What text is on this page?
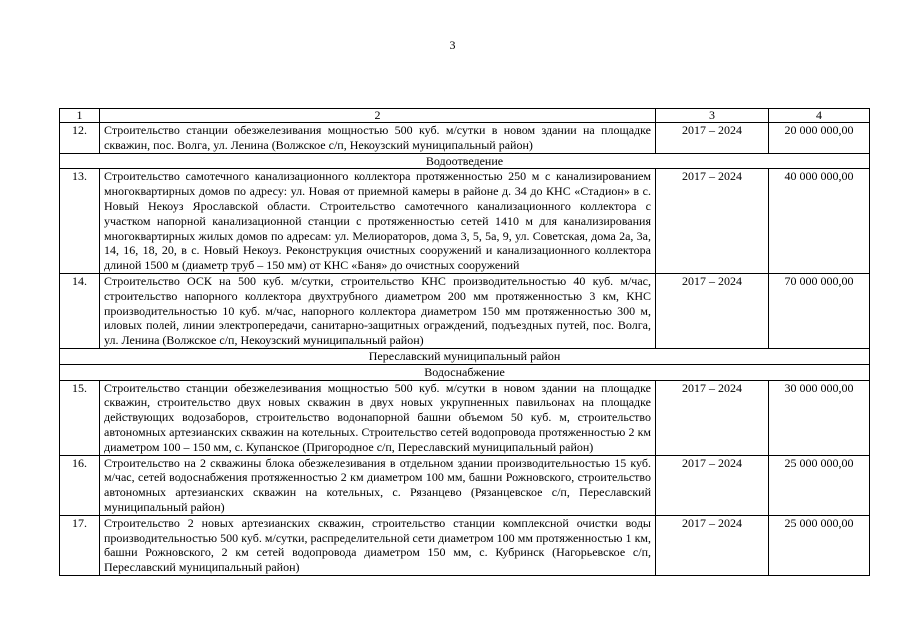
3
1	2	3	4
12.	Строительство станции обезжелезивания мощностью 500 куб. м/сутки в новом здании на площадке скважин, пос. Волга, ул. Ленина (Волжское с/п, Некоузский муниципальный район)	2017 – 2024	20 000 000,00
Водоотведение			
13.	Строительство самотечного канализационного коллектора протяженностью 250 м с канализированием многоквартирных домов по адресу: ул. Новая от приемной камеры в районе д. 34 до КНС «Стадион» в с. Новый Некоуз Ярославской области. Строительство самотечного канализационного коллектора с участком напорной канализационной станции с протяженностью сетей 1410 м для канализирования многоквартирных жилых домов по адресам: ул. Мелиораторов, дома 3, 5, 5а, 9, ул. Советская, дома 2а, 3а, 14, 16, 18, 20, в с. Новый Некоуз. Реконструкция очистных сооружений и канализационного коллектора длиной 1500 м (диаметр труб – 150 мм) от КНС «Баня» до очистных сооружений	2017 – 2024	40 000 000,00
14.	Строительство ОСК на 500 куб. м/сутки, строительство КНС производительностью 40 куб. м/час, строительство напорного коллектора двухтрубного диаметром 200 мм протяженностью 3 км, КНС производительностью 10 куб. м/час, напорного коллектора диаметром 150 мм протяженностью 300 м, иловых полей, линии электропередачи, санитарно-защитных ограждений, подъездных путей, пос. Волга, ул. Ленина (Волжское с/п, Некоузский муниципальный район)	2017 – 2024	70 000 000,00
Переславский муниципальный район			
Водоснабжение			
15.	Строительство станции обезжелезивания мощностью 500 куб. м/сутки в новом здании на площадке скважин, строительство двух новых скважин в двух новых укрупненных павильонах на площадке действующих водозаборов, строительство водонапорной башни объемом 50 куб. м, строительство автономных артезианских скважин на котельных. Строительство сетей водопровода протяженностью 2 км диаметром 100 – 150 мм, с. Купанское (Пригородное с/п, Переславский муниципальный район)	2017 – 2024	30 000 000,00
16.	Строительство на 2 скважины блока обезжелезивания в отдельном здании производительностью 15 куб. м/час, сетей водоснабжения протяженностью 2 км диаметром 100 мм, башни Рожновского, строительство автономных артезианских скважин на котельных, с. Рязанцево (Рязанцевское с/п, Переславский муниципальный район)	2017 – 2024	25 000 000,00
17.	Строительство 2 новых артезианских скважин, строительство станции комплексной очистки воды производительностью 500 куб. м/сутки, распределительной сети диаметром 100 мм протяженностью 1 км, башни Рожновского, 2 км сетей водопровода диаметром 150 мм, с. Кубринск (Нагорьевское с/п, Переславский муниципальный район)	2017 – 2024	25 000 000,00
